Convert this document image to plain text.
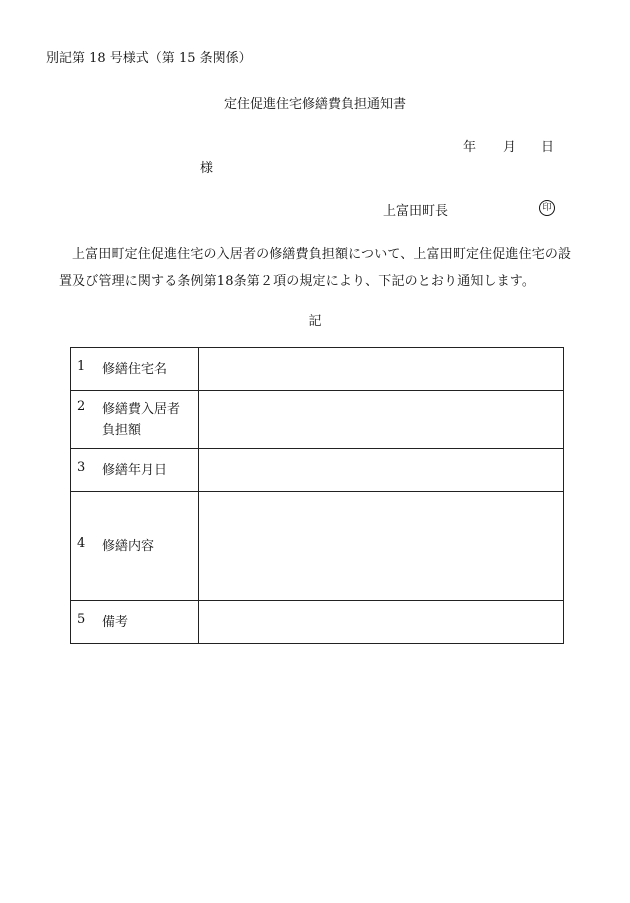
別記第 18 号様式（第 15 条関係）
定住促進住宅修繕費負担通知書
年 月 日
様
上富田町長	印
上富田町定住促進住宅の入居者の修繕費負担額について、上富田町定住促進住宅の設置及び管理に関する条例第18条第２項の規定により、下記のとおり通知します。
記
1 修繕住宅名	

2 修繕費入居者
負担額	

3 修繕年月日	

4 修繕内容	

5 備考	
